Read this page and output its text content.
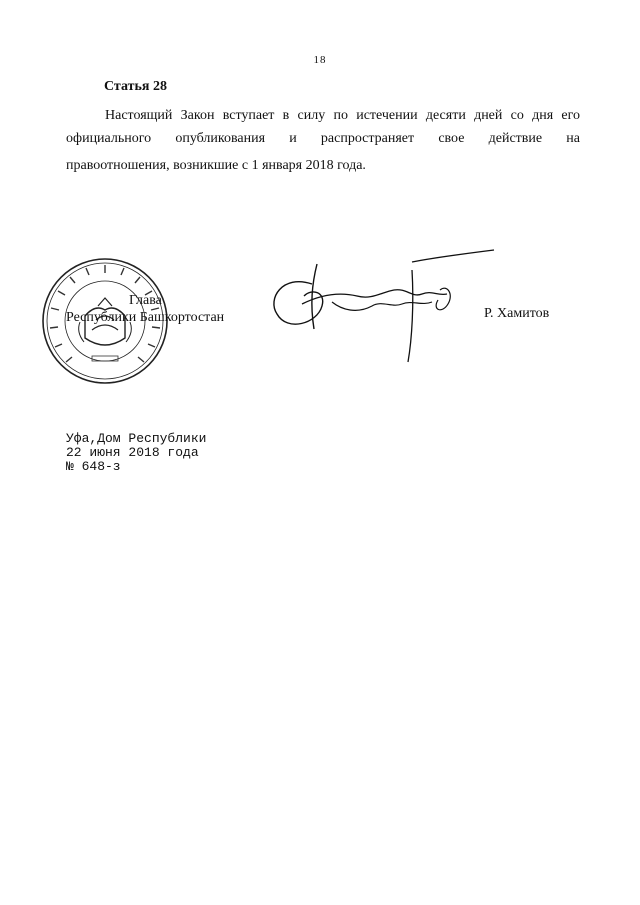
18
Статья 28
Настоящий Закон вступает в силу по истечении десяти дней со дня его
официального опубликования и распространяет свое действие на
правоотношения, возникшие с 1 января 2018 года.
Глава
Республики Башкортостан	Р. Хамитов
Уфа,Дом Республики
22 июня 2018 года
№ 648-з
